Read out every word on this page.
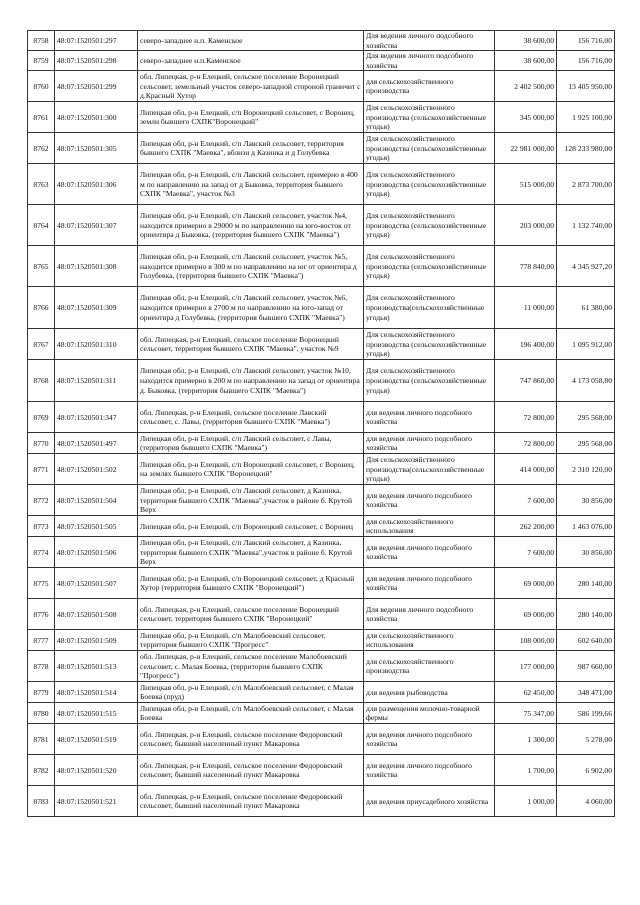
8758	48:07:1520501:297	северо-западнее н.п. Каменское	Для ведения личного подсобного хозяйства	38 600,00	156 716,00
8759	48:07:1520501:298	северо-западнее н.п.Каменское	Для ведения личного подсобного хозяйства	38 600,00	156 716,00
8760	48:07:1520501:299	обл. Липецкая, р-н Елецкий, сельское поселение Воронецкий сельсовет, земельный участок северо-западной стороной граничит с д.Красный Хутор	для сельскохозяйственного производства	2 402 500,00	13 405 950,00
8761	48:07:1520501:300	Липецкая обл, р-н Елецкий, с/п Воронецкий сельсовет, с Воронец, земли бывшего СХПК"Воронецкий"	Для сельскохозяйственного производства (сельскохозяйственные угодья)	345 000,00	1 925 100,00
8762	48:07:1520501:305	Липецкая обл, р-н Елецкий, с/п Лавский сельсовет, территория бывшего СХПК "Маевка", вблизи д Казинка и д Голубевка	Для сельскохозяйственного производства (сельскохозяйственные угодья)	22 981 000,00	128 233 980,00
8763	48:07:1520501:306	Липецкая обл, р-н Елецкий, с/п Лавский сельсовет, примерно в 400 м по направлению на запад от д Быковка, территория бывшего СХПК "Маевка", участок №3	Для сельскохозяйственного производства (сельскохозяйственные угодья)	515 000,00	2 873 700,00
8764	48:07:1520501:307	Липецкая обл, р-н Елецкий, с/п Лавский сельсовет, участок №4, находится примерно в 29000 м по направлению на юго-восток от ориентира д Быковка, (территория бывшего СХПК "Маевка")	Для сельскохозяйственного производства (сельскохозяйственные угодья)	203 000,00	1 132 740,00
8765	48:07:1520501:308	Липецкая обл, р-н Елецкий, с/п Лавский сельсовет, участок №5, находится примерно в 300 м по направлению на юг от ориентира д Голубевка, (территория бывшего СХПК "Маевка")	Для сельскохозяйственного производства (сельскохозяйственные угодья)	778 840,00	4 345 927,20
8766	48:07:1520501:309	Липецкая обл, р-н Елецкий, с/п Лавский сельсовет, участок №6, находится примерно в 2700 м по направлению на юго-запад от ориентира д Голубевка, (территория бывшего СХПК "Маевка")	Для сельскохозяйственного производства(сельскохозяйственные угодья)	11 000,00	61 380,00
8767	48:07:1520501:310	обл. Липецкая, р-н Елецкий, сельское поселение Воронецкий сельсовет, территория бывшего СХПК "Маевка", участок №9	Для сельскохозяйственного производства (сельскохозяйственные угодья)	196 400,00	1 095 912,00
8768	48:07:1520501:311	Липецкая обл, р-н Елецкий, с/п Лавский сельсовет, участок №10, находится примерно в 200 м по направлению на запад от ориентира д. Быковка, (территория бывшего СХПК "Маевка")	Для сельскохозяйственного производства (сельскохозяйственные угодья)	747 860,00	4 173 058,80
8769	48:07:1520501:347	обл. Липецкая, р-н Елецкий, сельское поселение Лавский сельсовет, с. Лавы, (территория бывшего СХПК "Маевка")	для ведения личного подсобного хозяйства	72 800,00	295 568,00
8770	48:07:1520501:497	Липецкая обл, р-н Елецкий, с/п Лавский сельсовет, с Лавы, (территория бывшего СХПК "Маевка")	для ведения личного подсобного хозяйства	72 800,00	295 568,00
8771	48:07:1520501:502	Липецкая обл, р-н Елецкий, с/п Воронецкий сельсовет, с Воронец, на землях бывшего СХПК "Воронецкий"	Для сельскохозяйственного производства(сельскохозяйственные угодья)	414 000,00	2 310 120,00
8772	48:07:1520501:504	Липецкая обл, р-н Елецкий, с/п Лавский сельсовет, д Казинка, территория бывшего СХПК "Маевка",участок в районе б. Крутой Верх	для ведения личного подсобного хозяйства	7 600,00	30 856,00
8773	48:07:1520501:505	Липецкая обл, р-н Елецкий, с/п Воронецкий сельсовет, с Воронец	для сельскохозяйственного использования	262 200,00	1 463 076,00
8774	48:07:1520501:506	Липецкая обл, р-н Елецкий, с/п Лавский сельсовет, д Казинка, территория бывшего СХПК "Маевка",участок в районе б. Крутой Верх	для ведения личного подсобного хозяйства	7 600,00	30 856,00
8775	48:07:1520501:507	Липецкая обл, р-н Елецкий, с/п Воронецкий сельсовет, д Красный Хутор (территория бывшего СХПК "Воронецкий")	для ведения личного подсобного хозяйства	69 000,00	280 140,00
8776	48:07:1520501:508	обл. Липецкая, р-н Елецкий, сельское поселение Воронецкий сельсовет, территория бывшего СХПК "Воронецкий"	Для ведения личного подсобного хозяйства	69 000,00	280 140,00
8777	48:07:1520501:509	Липецкая обл, р-н Елецкий, с/п Малобоевский сельсовет, территория бывшего СХПК "Прогресс"	для сельскохозяйственного использования	108 000,00	602 640,00
8778	48:07:1520501:513	обл. Липецкая, р-н Елецкий, сельское поселение Малобоевский сельсовет, с. Малая Боевка, (территория бывшего СХПК "Прогресс")	для сельскохозяйственного производства	177 000,00	987 660,00
8779	48:07:1520501:514	Липецкая обл, р-н Елецкий, с/п Малобоевский сельсовет, с Малая Боевка (пруд)	для ведения рыбоводства	62 450,00	348 471,00
8780	48:07:1520501:515	Липецкая обл, р-н Елецкий, с/п Малобоевский сельсовет, с Малая Боевка	для размещения молочно-товарной фермы	75 347,00	586 199,66
8781	48:07:1520501:519	обл. Липецкая, р-н Елецкий, сельское поселение Федоровский сельсовет, бывший населенный пункт Макаровка	для ведения личного подсобного хозяйства	1 300,00	5 278,00
8782	48:07:1520501:520	обл. Липецкая, р-н Елецкий, сельское поселение Федоровский сельсовет, бывший населенный пункт Макаровка	для ведения личного подсобного хозяйства	1 700,00	6 902,00
8783	48:07:1520501:521	обл. Липецкая, р-н Елецкий, сельское поселение Федоровский сельсовет, бывший населенный пункт Макаровка	для ведения приусадебного хозяйства	1 000,00	4 060,00
